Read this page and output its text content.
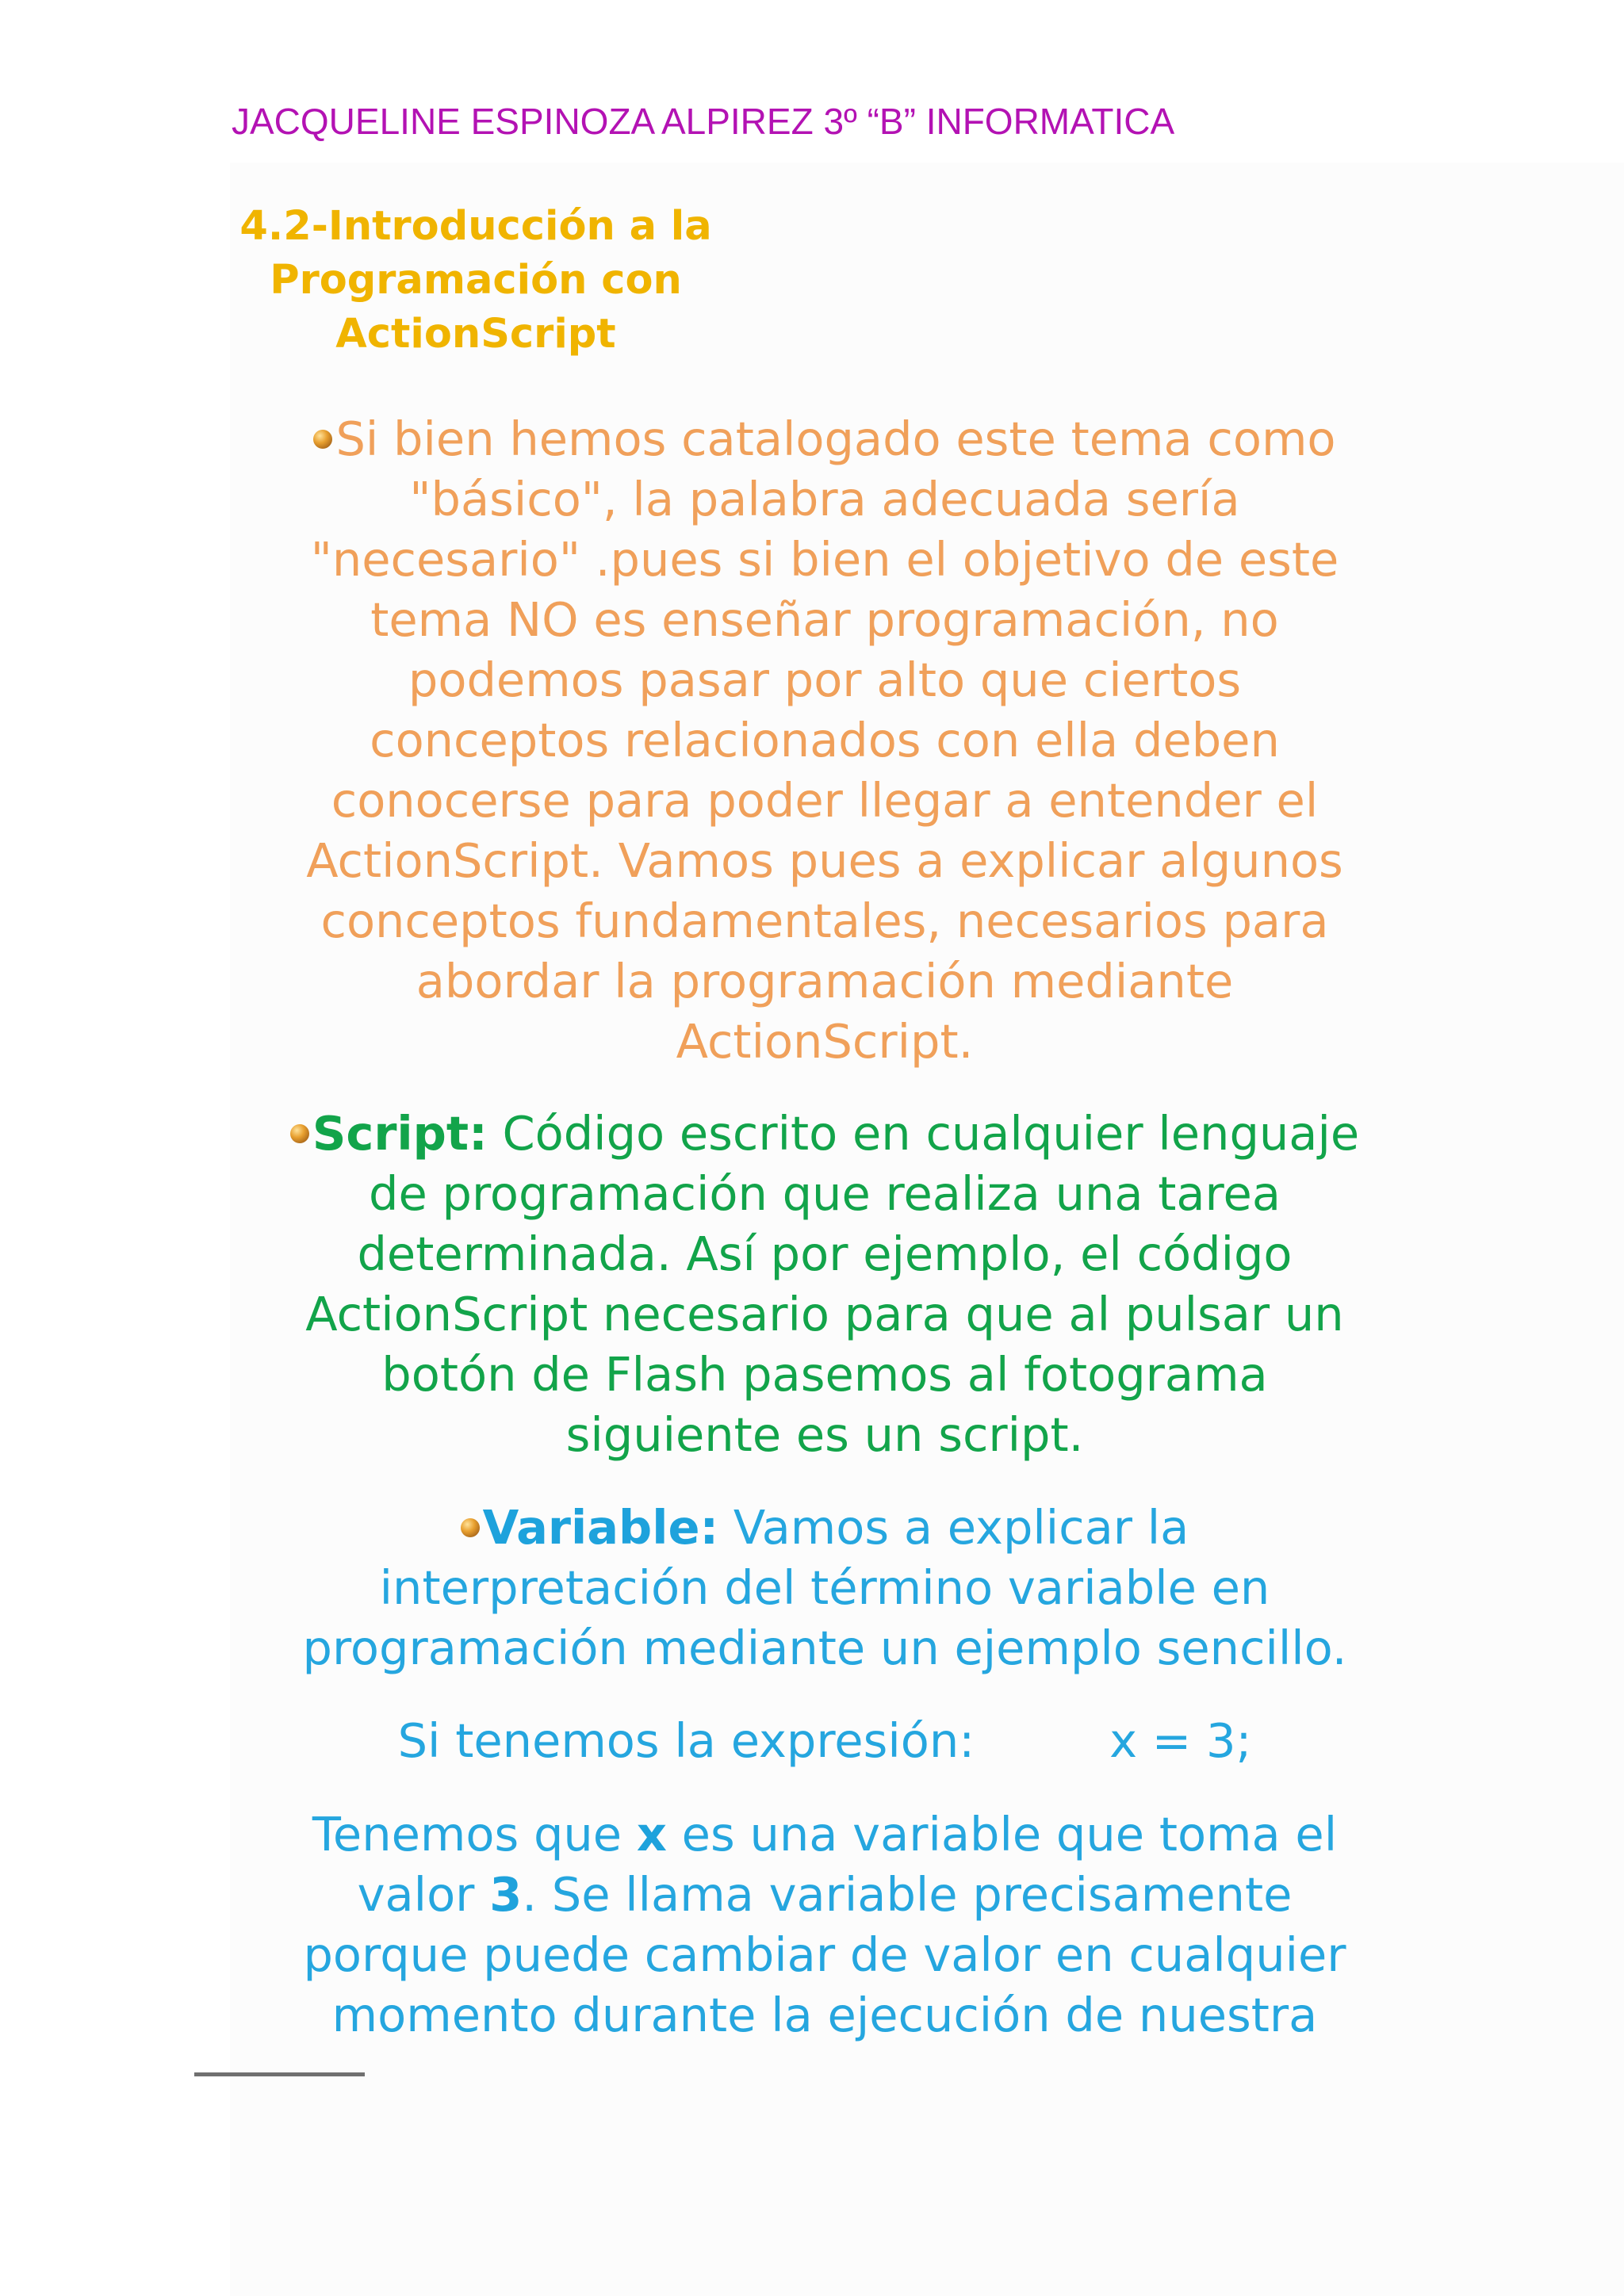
JACQUELINE ESPINOZA ALPIREZ 3º “B” INFORMATICA
4.2-Introducción a la
Programación con
ActionScript
Si bien hemos catalogado este tema como
"básico", la palabra adecuada sería
"necesario" .pues si bien el objetivo de este
tema NO es enseñar programación, no
podemos pasar por alto que ciertos
conceptos relacionados con ella deben
conocerse para poder llegar a entender el
ActionScript. Vamos pues a explicar algunos
conceptos fundamentales, necesarios para
abordar la programación mediante
ActionScript.
Script: Código escrito en cualquier lenguaje
de programación que realiza una tarea
determinada. Así por ejemplo, el código
ActionScript necesario para que al pulsar un
botón de Flash pasemos al fotograma
siguiente es un script.
Variable: Vamos a explicar la
interpretación del término variable en
programación mediante un ejemplo sencillo.
Si tenemos la expresión:	x = 3;
Tenemos que x es una variable que toma el
valor 3. Se llama variable precisamente
porque puede cambiar de valor en cualquier
momento durante la ejecución de nuestra
